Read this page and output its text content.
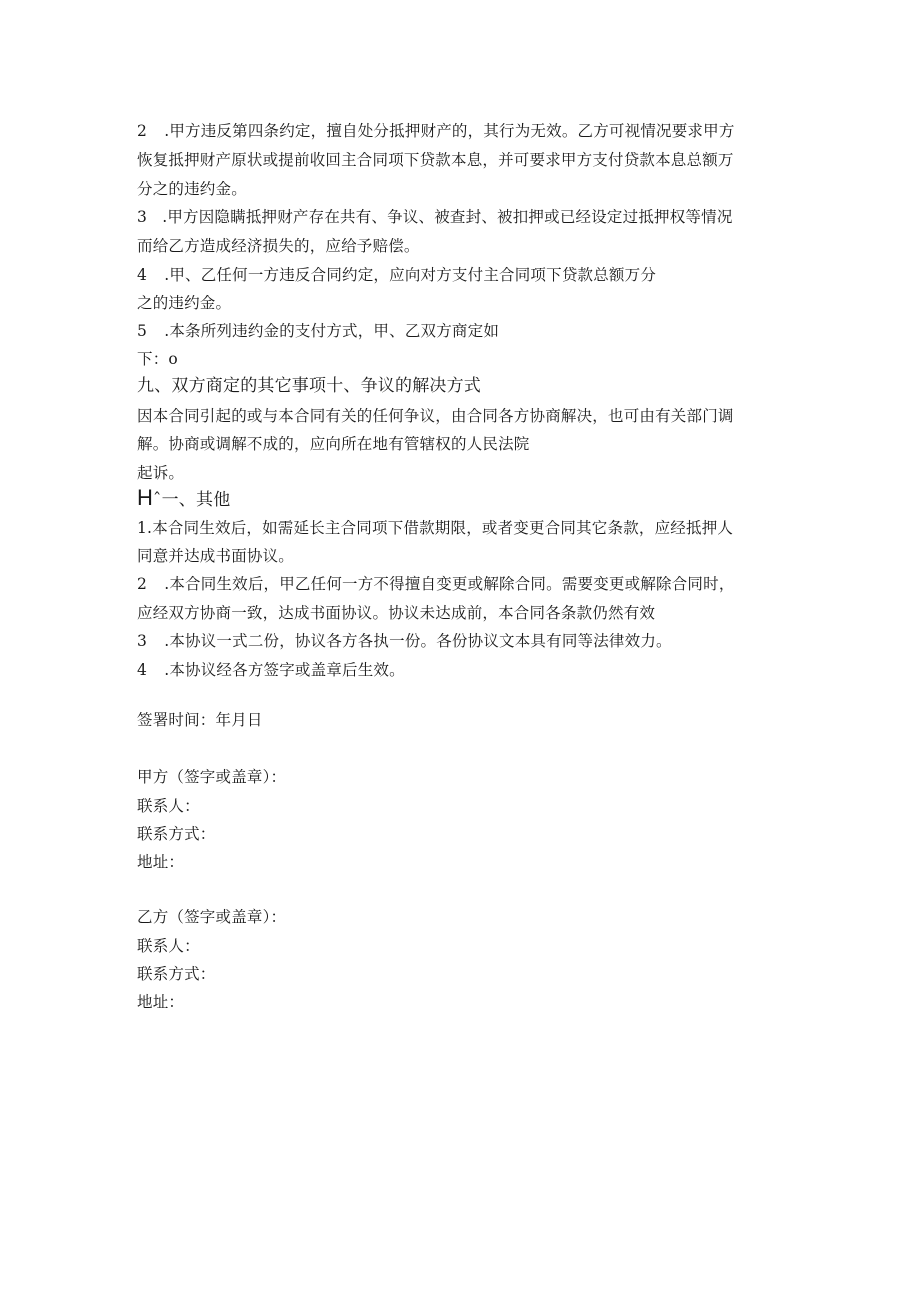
2 .甲方违反第四条约定，擅自处分抵押财产的，其行为无效。乙方可视情况要求甲方
恢复抵押财产原状或提前收回主合同项下贷款本息，并可要求甲方支付贷款本息总额万
分之的违约金。
3 .甲方因隐瞒抵押财产存在共有、争议、被查封、被扣押或已经设定过抵押权等情况
而给乙方造成经济损失的，应给予赔偿。
4 .甲、乙任何一方违反合同约定，应向对方支付主合同项下贷款总额万分
之的违约金。
5 .本条所列违约金的支付方式，甲、乙双方商定如
下：o
九、双方商定的其它事项十、争议的解决方式
因本合同引起的或与本合同有关的任何争议，由合同各方协商解决，也可由有关部门调
解。协商或调解不成的，应向所在地有管辖权的人民法院
起诉。
Hˆ一、其他
1.本合同生效后，如需延长主合同项下借款期限，或者变更合同其它条款，应经抵押人
同意并达成书面协议。
2 .本合同生效后，甲乙任何一方不得擅自变更或解除合同。需要变更或解除合同时，
应经双方协商一致，达成书面协议。协议未达成前，本合同各条款仍然有效
3 .本协议一式二份，协议各方各执一份。各份协议文本具有同等法律效力。
4 .本协议经各方签字或盖章后生效。
签署时间：年月日
甲方（签字或盖章）：
联系人：
联系方式：
地址：
乙方（签字或盖章）：
联系人：
联系方式：
地址：
